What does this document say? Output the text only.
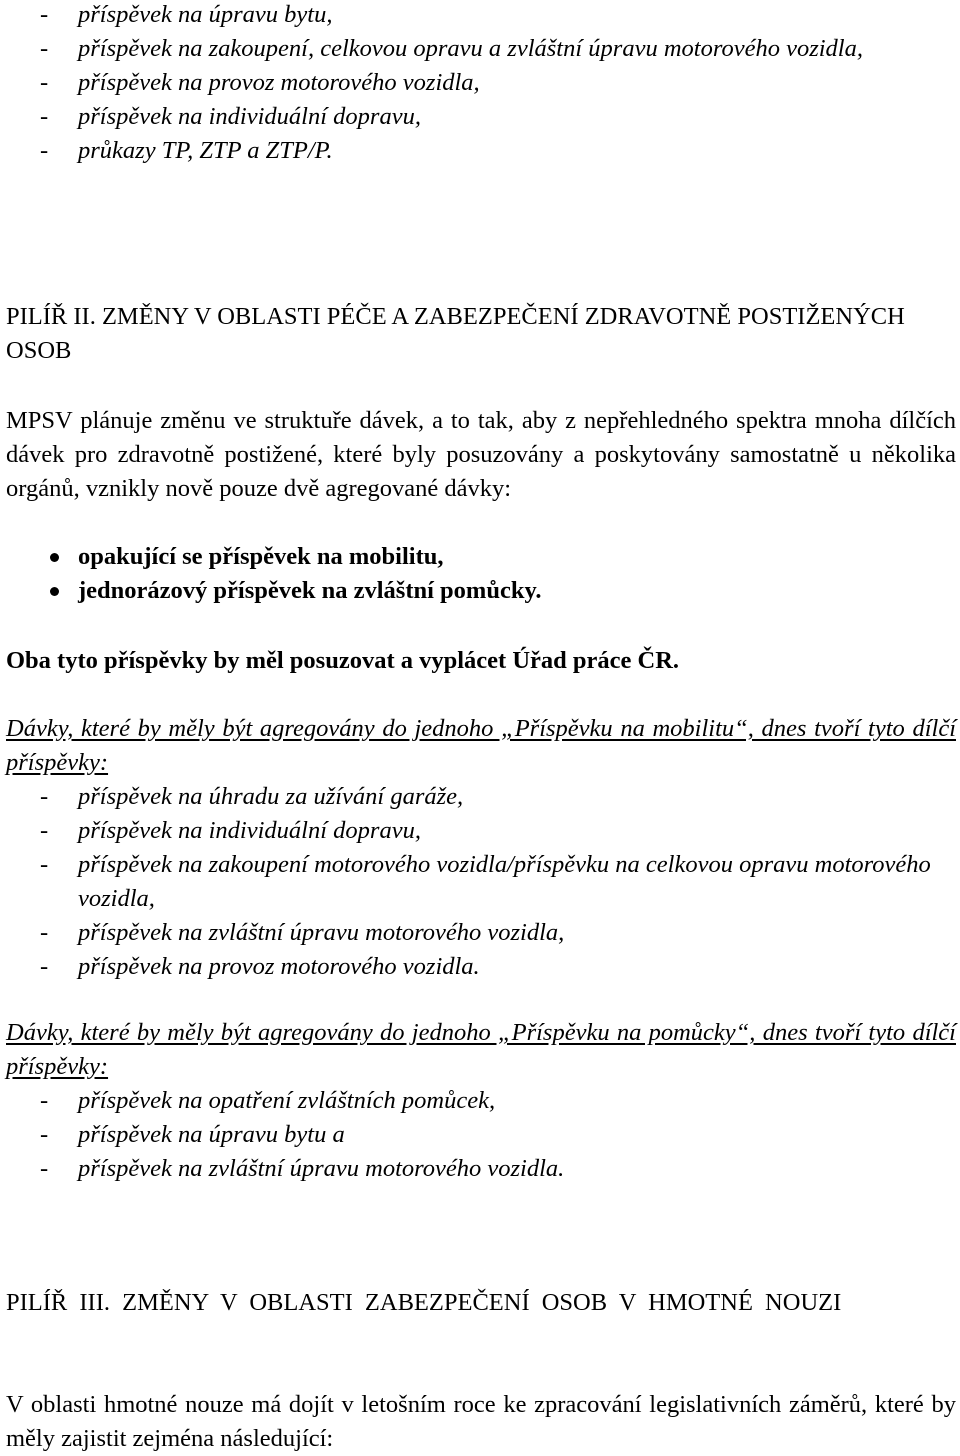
- příspěvek na úpravu bytu,
- příspěvek na zakoupení, celkovou opravu a zvláštní úpravu motorového vozidla,
- příspěvek na provoz motorového vozidla,
- příspěvek na individuální dopravu,
- průkazy TP, ZTP a ZTP/P.
PILÍŘ II. ZMĚNY V OBLASTI PÉČE A ZABEZPEČENÍ ZDRAVOTNĚ POSTIŽENÝCH OSOB
MPSV plánuje změnu ve struktuře dávek, a to tak, aby z nepřehledného spektra mnoha dílčích dávek pro zdravotně postižené, které byly posuzovány a poskytovány samostatně u několika orgánů, vznikly nově pouze dvě agregované dávky:
opakující se příspěvek na mobilitu,
jednorázový příspěvek na zvláštní pomůcky.
Oba tyto příspěvky by měl posuzovat a vyplácet Úřad práce ČR.
Dávky, které by měly být agregovány do jednoho „Příspěvku na mobilitu“, dnes tvoří tyto dílčí příspěvky:
- příspěvek na úhradu za užívání garáže,
- příspěvek na individuální dopravu,
- příspěvek na zakoupení motorového vozidla/příspěvku na celkovou opravu motorového vozidla,
- příspěvek na zvláštní úpravu motorového vozidla,
- příspěvek na provoz motorového vozidla.
Dávky, které by měly být agregovány do jednoho „Příspěvku na pomůcky“, dnes tvoří tyto dílčí příspěvky:
- příspěvek na opatření zvláštních pomůcek,
- příspěvek na úpravu bytu a
- příspěvek na zvláštní úpravu motorového vozidla.
PILÍŘ III. ZMĚNY V OBLASTI ZABEZPEČENÍ OSOB V HMOTNÉ NOUZI
V oblasti hmotné nouze má dojít v letošním roce ke zpracování legislativních záměrů, které by měly zajistit zejména následující:
